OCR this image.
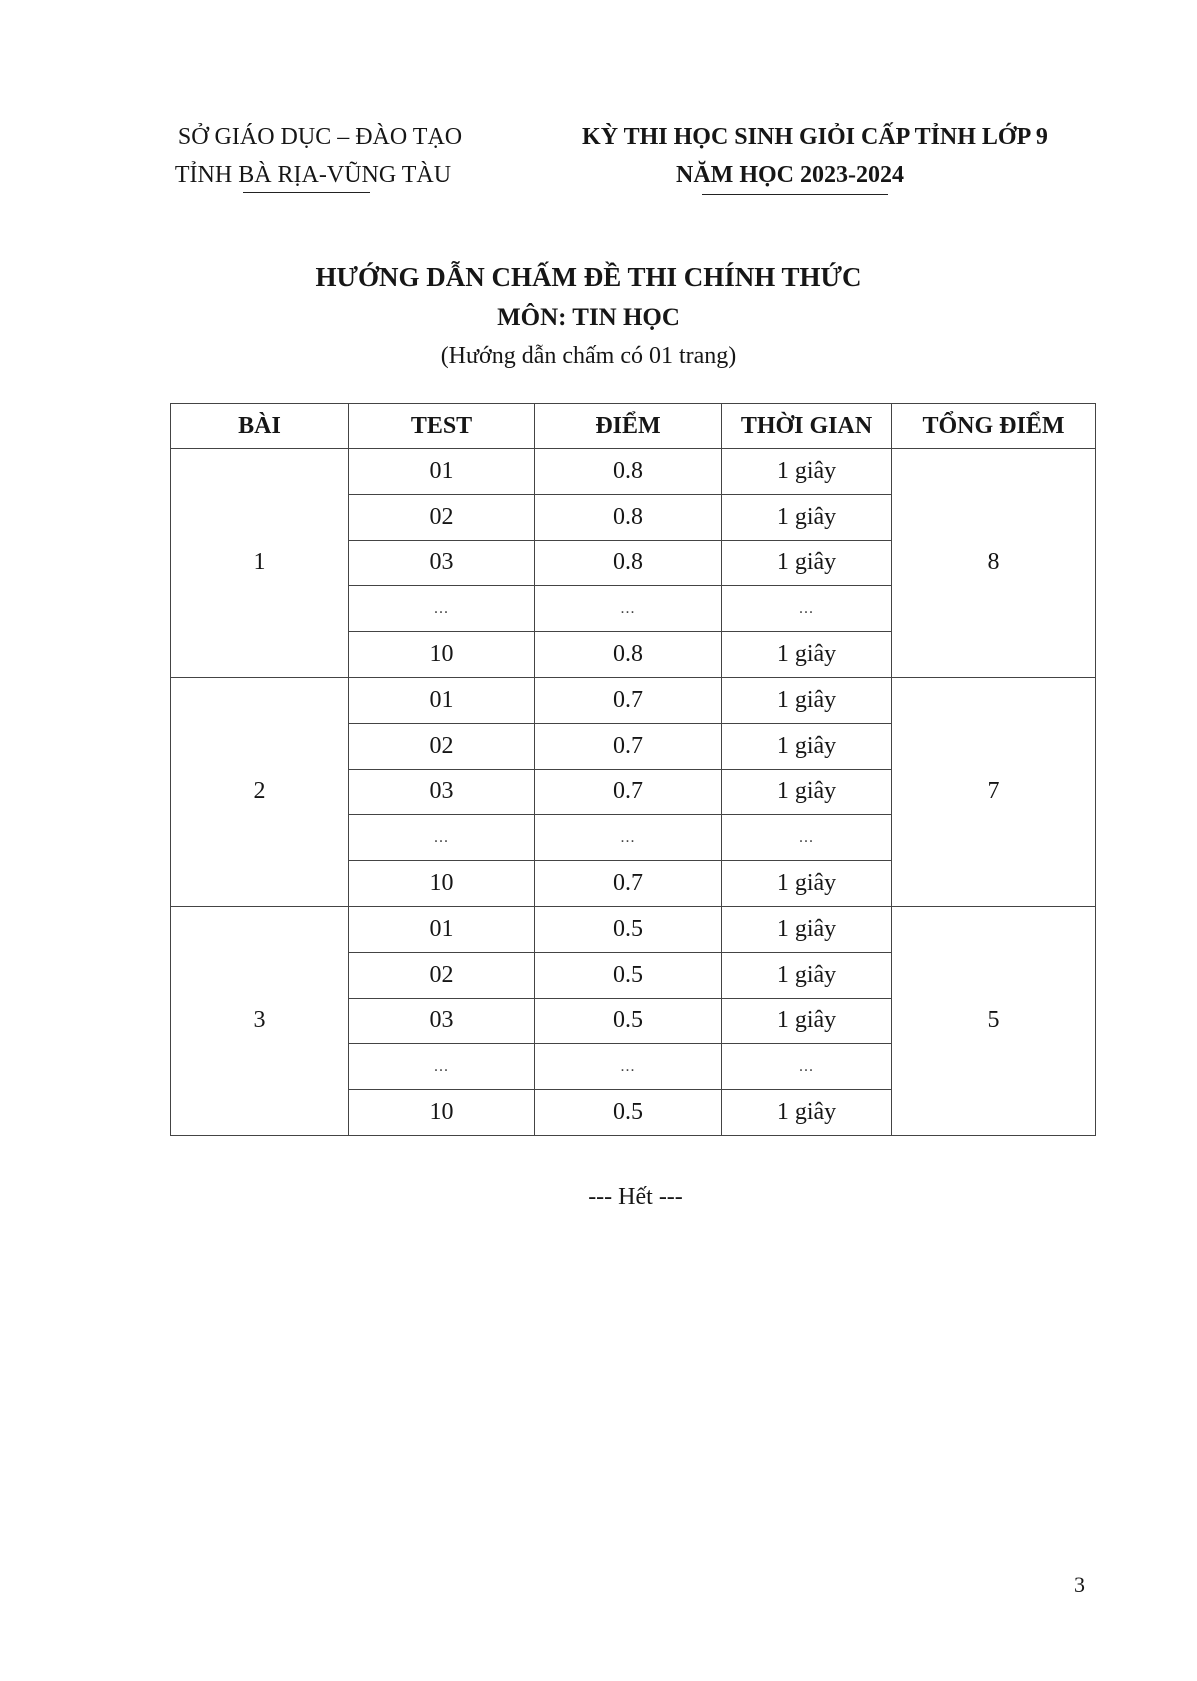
SỞ GIÁO DỤC – ĐÀO TẠO
TỈNH BÀ RỊA-VŨNG TÀU
KỲ THI HỌC SINH GIỎI CẤP TỈNH LỚP 9
NĂM HỌC 2023-2024
HƯỚNG DẪN CHẤM ĐỀ THI CHÍNH THỨC
MÔN: TIN HỌC
(Hướng dẫn chấm có 01 trang)
BÀI	TEST	ĐIỂM	THỜI GIAN	TỔNG ĐIỂM
1	01	0.8	1 giây	8
	02	0.8	1 giây	
	03	0.8	1 giây	
	...	...	...	
	10	0.8	1 giây	
2	01	0.7	1 giây	7
	02	0.7	1 giây	
	03	0.7	1 giây	
	...	...	...	
	10	0.7	1 giây	
3	01	0.5	1 giây	5
	02	0.5	1 giây	
	03	0.5	1 giây	
	...	...	...	
	10	0.5	1 giây	
--- Hết ---
3
